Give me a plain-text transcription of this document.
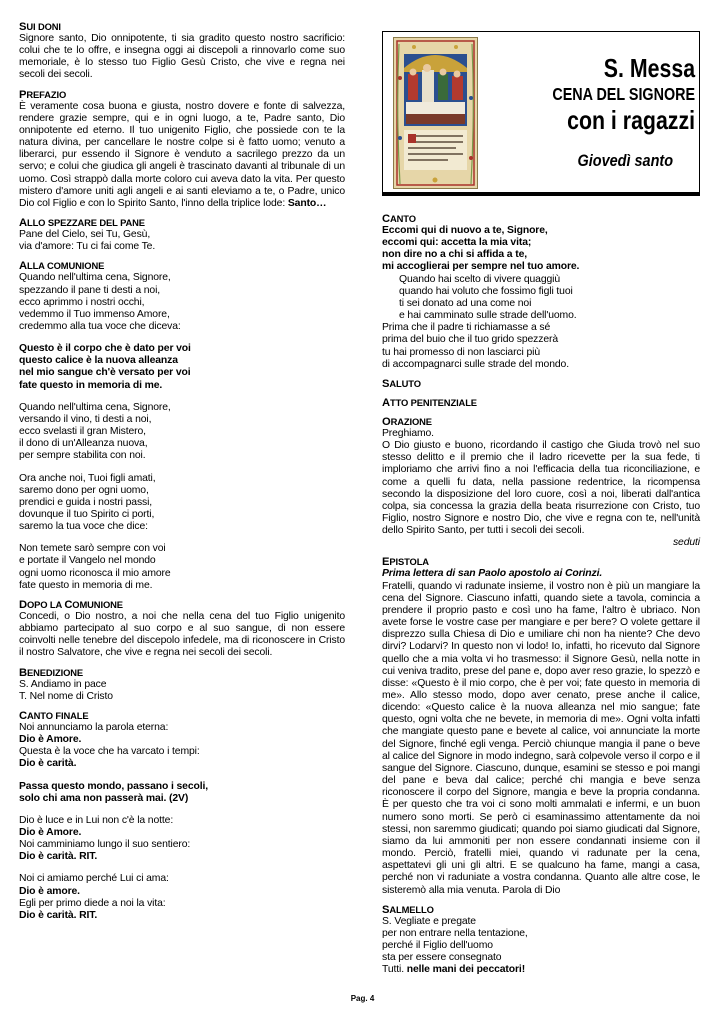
SUI DONI

Signore santo, Dio onnipotente, ti sia gradito questo nostro sacrificio: colui che te lo offre, e insegna oggi ai discepoli a rinnovarlo come suo memoriale, è lo stesso tuo Figlio Gesù Cristo, che vive e regna nei secoli dei secoli.

PREFAZIO

È veramente cosa buona e giusta, nostro dovere e fonte di salvezza, rendere grazie sempre, qui e in ogni luogo, a te, Padre santo, Dio onnipotente ed eterno. Il tuo unigenito Figlio, che possiede con te la natura divina, per cancellare le nostre colpe si è fatto uomo; venuto a liberarci, pur essendo il Signore è venduto a sacrilego prezzo da un servo; e colui che giudica gli angeli è trascinato davanti al tribunale di un uomo. Così strappò dalla morte coloro cui aveva dato la vita. Per questo mistero d'amore uniti agli angeli e ai santi eleviamo a te, o Padre, unico Dio col Figlio e con lo Spirito Santo, l'inno della triplice lode: Santo…

ALLO SPEZZARE DEL PANE

Pane del Cielo, sei Tu, Gesù,

via d'amore: Tu ci fai come Te.

ALLA COMUNIONE

Quando nell'ultima cena, Signore,

spezzando il pane ti desti a noi,

ecco aprimmo i nostri occhi,

vedemmo il Tuo immenso Amore,

credemmo alla tua voce che diceva:

Questo è il corpo che è dato per voi

questo calice è la nuova alleanza

nel mio sangue ch'è versato per voi

fate questo in memoria di me.

Quando nell'ultima cena, Signore,

versando il vino, ti desti a noi,

ecco svelasti il gran Mistero,

il dono di un'Alleanza nuova,

per sempre stabilita con noi.

Ora anche noi, Tuoi figli amati,

saremo dono per ogni uomo,

prendici e guida i nostri passi,

dovunque il tuo Spirito ci porti,

saremo la tua voce che dice:

Non temete sarò sempre con voi

e portate il Vangelo nel mondo

ogni uomo riconosca il mio amore

fate questo in memoria di me.

DOPO LA COMUNIONE

Concedi, o Dio nostro, a noi che nella cena del tuo Figlio unigenito abbiamo partecipato al suo corpo e al suo sangue, di non essere coinvolti nelle tenebre del discepolo infedele, ma di riconoscere in Cristo il nostro Salvatore, che vive e regna nei secoli dei secoli.

BENEDIZIONE

S. Andiamo in pace

T. Nel nome di Cristo

CANTO FINALE

Noi annunciamo la parola eterna:

Dio è Amore.

Questa è la voce che ha varcato i tempi:

Dio è carità.

Passa questo mondo, passano i secoli,

solo chi ama non passerà mai. (2V)

Dio è luce e in Lui non c'è la notte:

Dio è Amore.

Noi camminiamo lungo il suo sentiero:

Dio è carità. RIT.

Noi ci amiamo perché Lui ci ama:

Dio è amore.

Egli per primo diede a noi la vita:

Dio è carità. RIT.

S. Messa
CENA DEL SIGNORE
con i ragazzi
Giovedì santo

CANTO

Eccomi qui di nuovo a te, Signore,

eccomi qui: accetta la mia vita;

non dire no a chi si affida a te,

mi accoglierai per sempre nel tuo amore.

Quando hai scelto di vivere quaggiù

quando hai voluto che fossimo figli tuoi

ti sei donato ad una come noi

e hai camminato sulle strade dell'uomo.

Prima che il padre ti richiamasse a sé

prima del buio che il tuo grido spezzerà

tu hai promesso di non lasciarci più

di accompagnarci sulle strade del mondo.

SALUTO

ATTO PENITENZIALE

ORAZIONE

Preghiamo.

O Dio giusto e buono, ricordando il castigo che Giuda trovò nel suo stesso delitto e il premio che il ladro ricevette per la sua fede, ti imploriamo che arrivi fino a noi l'efficacia della tua riconciliazione, e come a quelli fu data, nella passione redentrice, la ricompensa secondo la disposizione del loro cuore, così a noi, liberati dall'antica colpa, sia concessa la grazia della beata risurrezione con Cristo, tuo Figlio, nostro Signore e nostro Dio, che vive e regna con te, nell'unità dello Spirito Santo, per tutti i secoli dei secoli.

seduti

EPISTOLA

Prima lettera di san Paolo apostolo ai Corinzi.

Fratelli, quando vi radunate insieme, il vostro non è più un mangiare la cena del Signore. Ciascuno infatti, quando siete a tavola, comincia a prendere il proprio pasto e così uno ha fame, l'altro è ubriaco. Non avete forse le vostre case per mangiare e per bere? O volete gettare il disprezzo sulla Chiesa di Dio e umiliare chi non ha niente? Che devo dirvi? Lodarvi? In questo non vi lodo! Io, infatti, ho ricevuto dal Signore quello che a mia volta vi ho trasmesso: il Signore Gesù, nella notte in cui veniva tradito, prese del pane e, dopo aver reso grazie, lo spezzò e disse: «Questo è il mio corpo, che è per voi; fate questo in memoria di me». Allo stesso modo, dopo aver cenato, prese anche il calice, dicendo: «Questo calice è la nuova alleanza nel mio sangue; fate questo, ogni volta che ne bevete, in memoria di me». Ogni volta infatti che mangiate questo pane e bevete al calice, voi annunciate la morte del Signore, finché egli venga. Perciò chiunque mangia il pane o beve al calice del Signore in modo indegno, sarà colpevole verso il corpo e il sangue del Signore. Ciascuno, dunque, esamini se stesso e poi mangi del pane e beva dal calice; perché chi mangia e beve senza riconoscere il corpo del Signore, mangia e beve la propria condanna. È per questo che tra voi ci sono molti ammalati e infermi, e un buon numero sono morti. Se però ci esaminassimo attentamente da noi stessi, non saremmo giudicati; quando poi siamo giudicati dal Signore, siamo da lui ammoniti per non essere condannati insieme con il mondo. Perciò, fratelli miei, quando vi radunate per la cena, aspettatevi gli uni gli altri. E se qualcuno ha fame, mangi a casa, perché non vi raduniate a vostra condanna. Quanto alle altre cose, le sisteremò alla mia venuta. Parola di Dio

SALMELLO

S. Vegliate e pregate

per non entrare nella tentazione,

perché il Figlio dell'uomo

sta per essere consegnato

Tutti. nelle mani dei peccatori!

Pag. 4
